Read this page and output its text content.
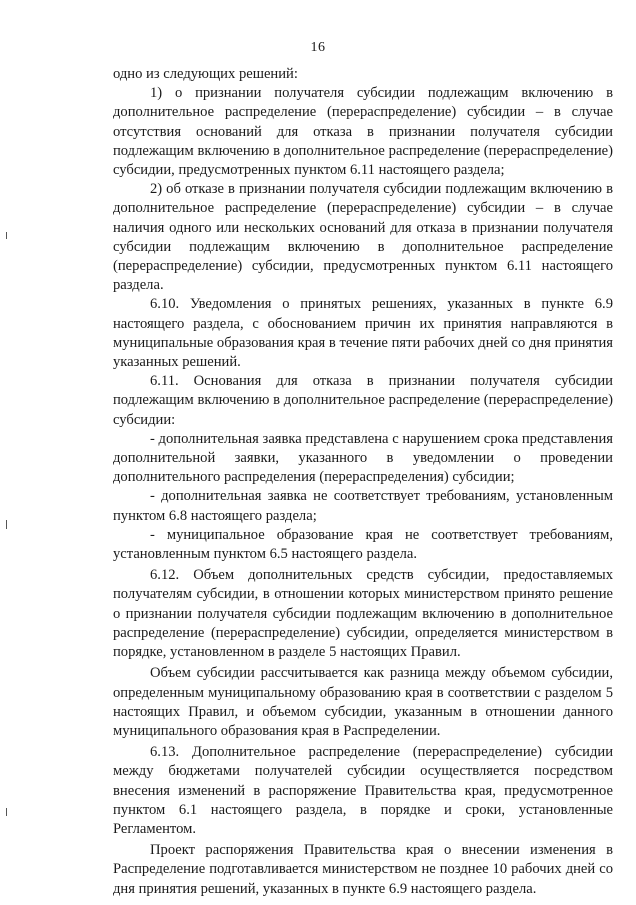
16

одно из следующих решений:

1) о признании получателя субсидии подлежащим включению в дополнительное распределение (перераспределение) субсидии – в случае отсутствия оснований для отказа в признании получателя субсидии подлежащим включению в дополнительное распределение (перераспределение) субсидии, предусмотренных пунктом 6.11 настоящего раздела;

2) об отказе в признании получателя субсидии подлежащим включению в дополнительное распределение (перераспределение) субсидии – в случае наличия одного или нескольких оснований для отказа в признании получателя субсидии подлежащим включению в дополнительное распределение (перераспределение) субсидии, предусмотренных пунктом 6.11 настоящего раздела.

6.10. Уведомления о принятых решениях, указанных в пункте 6.9 настоящего раздела, с обоснованием причин их принятия направляются в муниципальные образования края в течение пяти рабочих дней со дня принятия указанных решений.

6.11. Основания для отказа в признании получателя субсидии подлежащим включению в дополнительное распределение (перераспределение) субсидии:

- дополнительная заявка представлена с нарушением срока представления дополнительной заявки, указанного в уведомлении о проведении дополнительного распределения (перераспределения) субсидии;

- дополнительная заявка не соответствует требованиям, установленным пунктом 6.8 настоящего раздела;

- муниципальное образование края не соответствует требованиям, установленным пунктом 6.5 настоящего раздела.

6.12. Объем дополнительных средств субсидии, предоставляемых получателям субсидии, в отношении которых министерством принято решение о признании получателя субсидии подлежащим включению в дополнительное распределение (перераспределение) субсидии, определяется министерством в порядке, установленном в разделе 5 настоящих Правил.

Объем субсидии рассчитывается как разница между объемом субсидии, определенным муниципальному образованию края в соответствии с разделом 5 настоящих Правил, и объемом субсидии, указанным в отношении данного муниципального образования края в Распределении.

6.13. Дополнительное распределение (перераспределение) субсидии между бюджетами получателей субсидии осуществляется посредством внесения изменений в распоряжение Правительства края, предусмотренное пунктом 6.1 настоящего раздела, в порядке и сроки, установленные Регламентом.

Проект распоряжения Правительства края о внесении изменения в Распределение подготавливается министерством не позднее 10 рабочих дней со дня принятия решений, указанных в пункте 6.9 настоящего раздела.
